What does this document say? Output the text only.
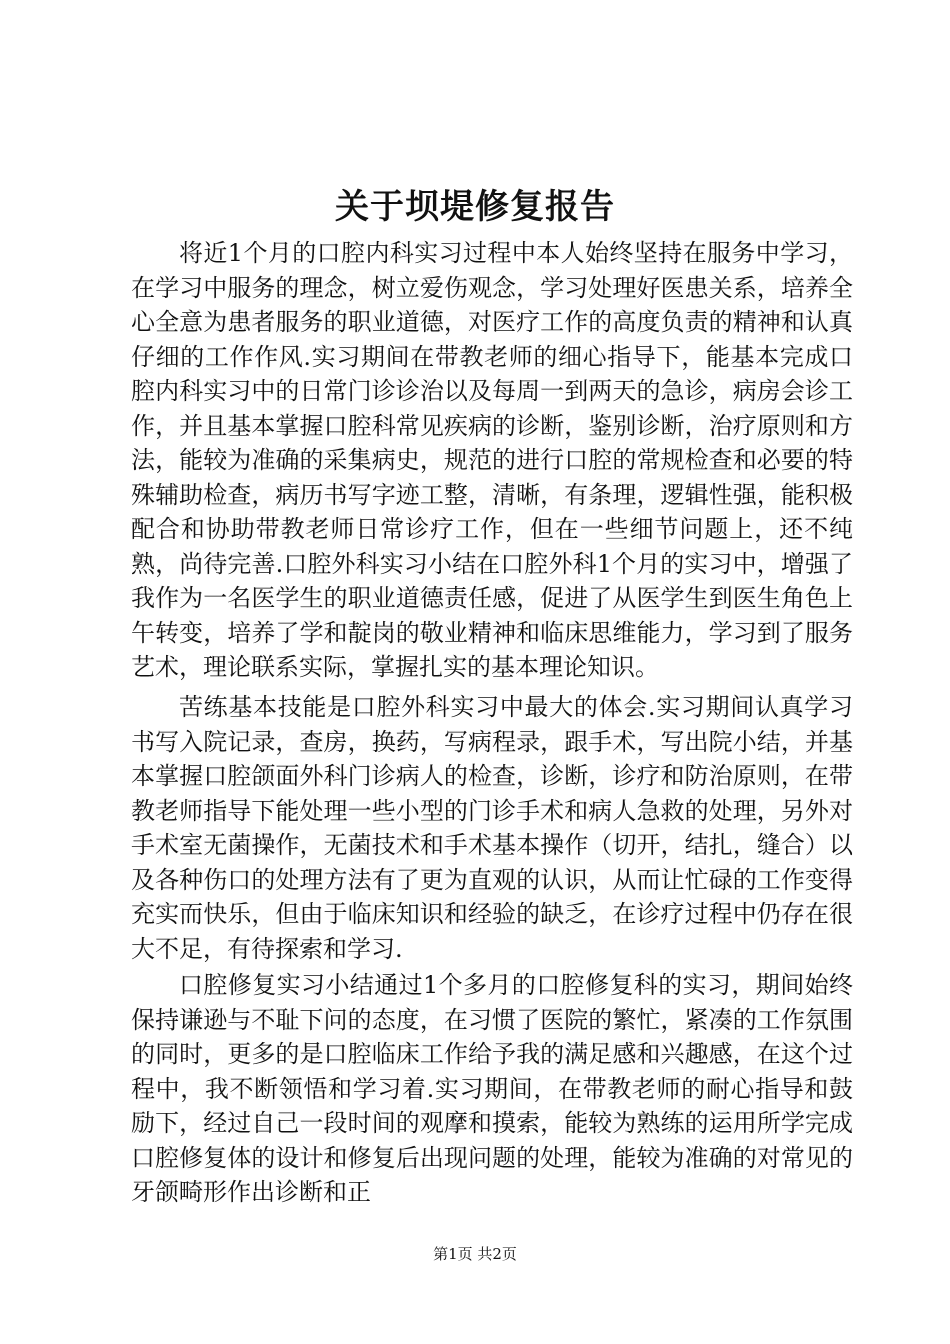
关于坝堤修复报告

将近1个月的口腔内科实习过程中本人始终坚持在服务中学习，在学习中服务的理念，树立爱伤观念，学习处理好医患关系，培养全心全意为患者服务的职业道德，对医疗工作的高度负责的精神和认真仔细的工作作风.实习期间在带教老师的细心指导下，能基本完成口腔内科实习中的日常门诊诊治以及每周一到两天的急诊，病房会诊工作，并且基本掌握口腔科常见疾病的诊断，鉴别诊断，治疗原则和方法，能较为准确的采集病史，规范的进行口腔的常规检查和必要的特殊辅助检查，病历书写字迹工整，清晰，有条理，逻辑性强，能积极配合和协助带教老师日常诊疗工作，但在一些细节问题上，还不纯熟，尚待完善.口腔外科实习小结在口腔外科1个月的实习中，增强了我作为一名医学生的职业道德责任感，促进了从医学生到医生角色上午转变，培养了学和靛岗的敬业精神和临床思维能力，学习到了服务艺术，理论联系实际，掌握扎实的基本理论知识。

苦练基本技能是口腔外科实习中最大的体会.实习期间认真学习书写入院记录，查房，换药，写病程录，跟手术，写出院小结，并基本掌握口腔颌面外科门诊病人的检查，诊断，诊疗和防治原则，在带教老师指导下能处理一些小型的门诊手术和病人急救的处理，另外对手术室无菌操作，无菌技术和手术基本操作（切开，结扎，缝合）以及各种伤口的处理方法有了更为直观的认识，从而让忙碌的工作变得充实而快乐，但由于临床知识和经验的缺乏，在诊疗过程中仍存在很大不足，有待探索和学习.

口腔修复实习小结通过1个多月的口腔修复科的实习，期间始终保持谦逊与不耻下问的态度，在习惯了医院的繁忙，紧凑的工作氛围的同时，更多的是口腔临床工作给予我的满足感和兴趣感，在这个过程中，我不断领悟和学习着.实习期间，在带教老师的耐心指导和鼓励下，经过自己一段时间的观摩和摸索，能较为熟练的运用所学完成口腔修复体的设计和修复后出现问题的处理，能较为准确的对常见的牙颌畸形作出诊断和正

第1页 共2页
